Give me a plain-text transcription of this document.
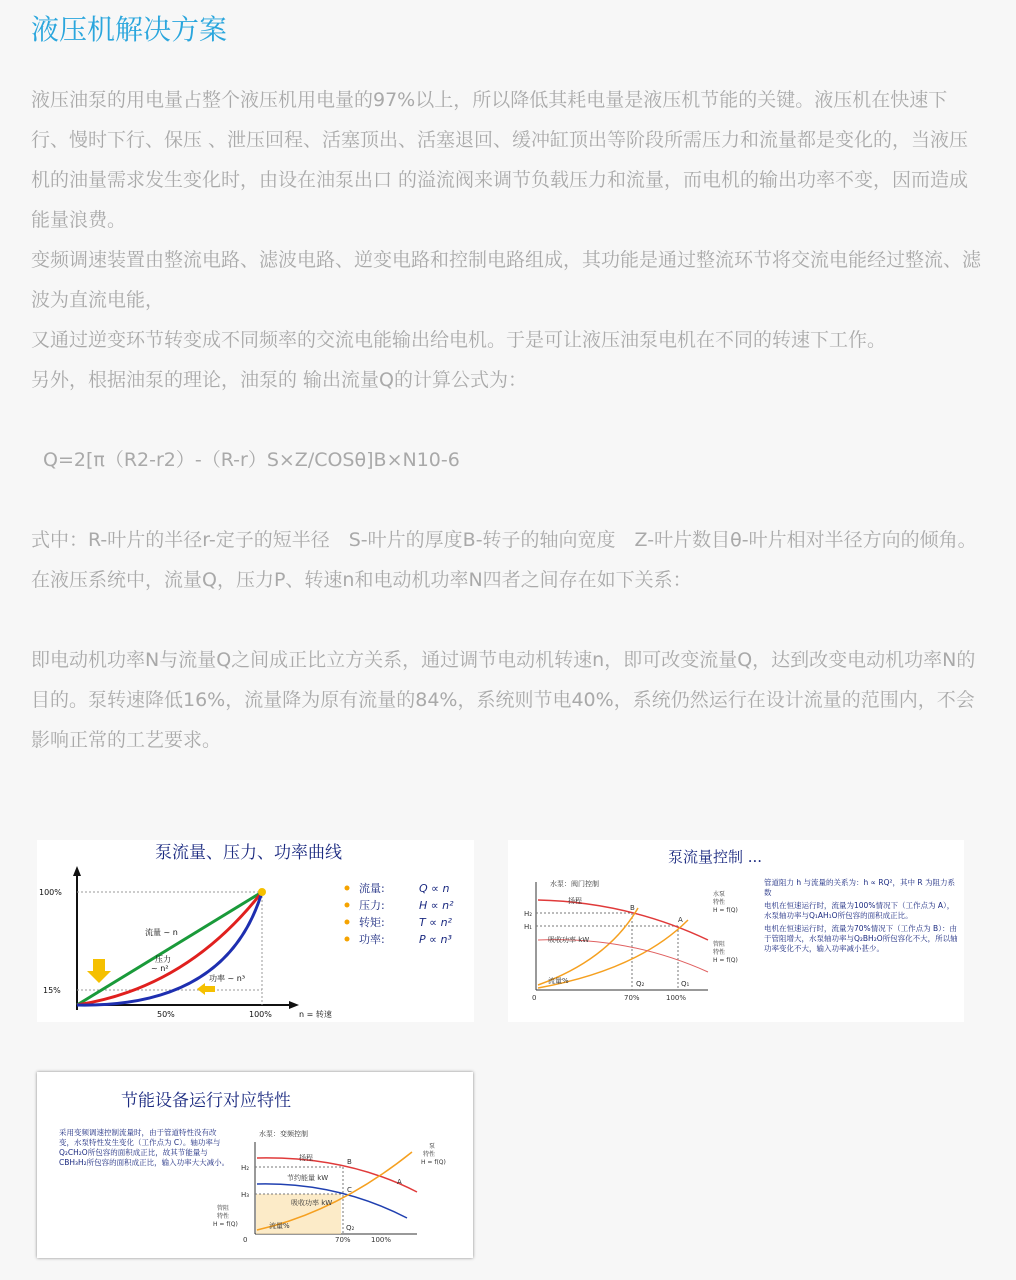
液压机解决方案

液压油泵的用电量占整个液压机用电量的97%以上，所以降低其耗电量是液压机节能的关键。液压机在快速下行、慢时下行、保压 、泄压回程、活塞顶出、活塞退回、缓冲缸顶出等阶段所需压力和流量都是变化的，当液压机的油量需求发生变化时，由设在油泵出口 的溢流阀来调节负载压力和流量，而电机的输出功率不变，因而造成能量浪费。

变频调速装置由整流电路、滤波电路、逆变电路和控制电路组成，其功能是通过整流环节将交流电能经过整流、滤波为直流电能，

又通过逆变环节转变成不同频率的交流电能输出给电机。于是可让液压油泵电机在不同的转速下工作。

另外，根据油泵的理论，油泵的 输出流量Q的计算公式为：

Q=2[π（R2-r2）-（R-r）S×Z/COSθ]B×N10-6

式中：R-叶片的半径r-定子的短半径　S-叶片的厚度B-转子的轴向宽度　Z-叶片数目θ-叶片相对半径方向的倾角。

在液压系统中，流量Q，压力P、转速n和电动机功率N四者之间存在如下关系：

即电动机功率N与流量Q之间成正比立方关系，通过调节电动机转速n，即可改变流量Q，达到改变电动机功率N的目的。泵转速降低16%，流量降为原有流量的84%，系统则节电40%，系统仍然运行在设计流量的范围内，不会影响正常的工艺要求。

泵流量、压力、功率曲线
100%
15%
50%	100%	n = 转速
流量 ~ n
压力
~ n²
功率 ~ n³
流量:	Q ∝ n
压力:	H ∝ n²
转矩:	T ∝ n²
功率:	P ∝ n³
泵流量控制 ...
水泵：阀门控制
H₂
H₁
0	70%	100%
Q₂	Q₁
扬程
吸收功率 kW
流量%
B
A
水泵
特性
H = f(Q)
管阻
特性
H = f(Q)
管道阻力 h 与流量的关系为：h ∝ RQ²，其中 R 为阻力系数
电机在恒速运行时，流量为100%情况下（工作点为 A），水泵轴功率与Q₁AH₁O所包容的面积成正比。
电机在恒速运行时，流量为70%情况下（工作点为 B）：由于管阻增大，水泵轴功率与Q₂BH₂O所包容化不大，所以轴功率变化不大，输入功率减小甚少。
节能设备运行对应特性
采用变频调速控制流量时，由于管道特性没有改变，水泵特性发生变化（工作点为 C）。轴功率与Q₂CH₂O所包容的面积成正比，故其节能量与CBH₃H₂所包容的面积成正比，输入功率大大减小。
水泵：变频控制
H₂
H₃
0	70%	100%
Q₂
扬程
节约能量 kW
吸收功率 kW
流量%
B
A
C
泵
特性
H = f(Q)
管阻
特性
H = f(Q)
